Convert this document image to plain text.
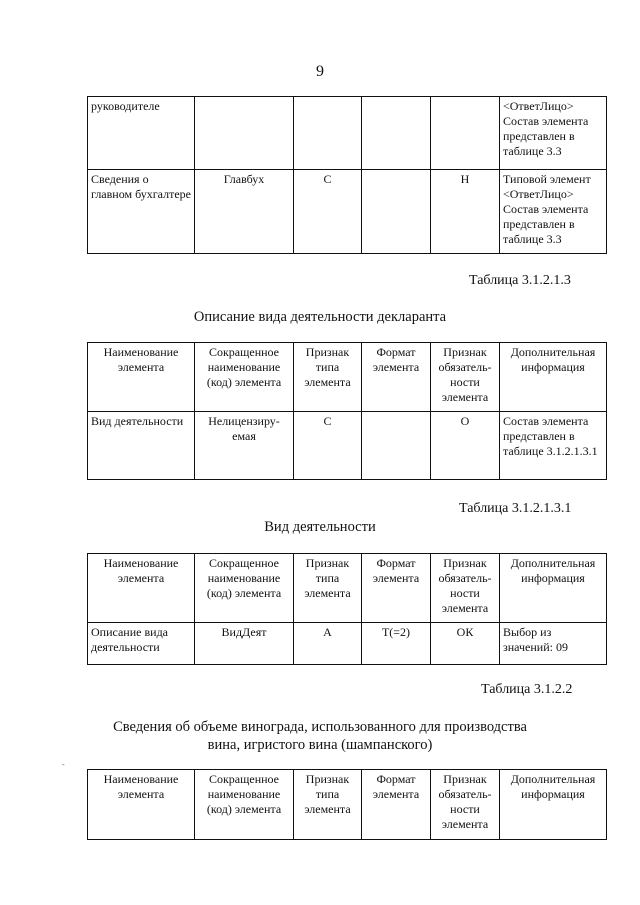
9
руководителе					<ОтветЛицо> Состав элемента представлен в таблице 3.3
Сведения о главном бухгалтере	Главбух	С		Н	Типовой элемент <ОтветЛицо> Состав элемента представлен в таблице 3.3
Таблица 3.1.2.1.3
Описание вида деятельности декларанта
Наименование элемента	Сокращенное наименование (код) элемента	Признак типа элемента	Формат элемента	Признак обязатель- ности элемента	Дополнительная информация
Вид деятельности	Нелицензиру- емая	С		О	Состав элемента представлен в таблице 3.1.2.1.3.1
Таблица 3.1.2.1.3.1
Вид деятельности
Наименование элемента	Сокращенное наименование (код) элемента	Признак типа элемента	Формат элемента	Признак обязатель- ности элемента	Дополнительная информация
Описание вида деятельности	ВидДеят	А	Т(=2)	ОК	Выбор из значений: 09
Таблица 3.1.2.2
Сведения об объеме винограда, использованного для производства
вина, игристого вина (шампанского)
-
Наименование элемента	Сокращенное наименование (код) элемента	Признак типа элемента	Формат элемента	Признак обязатель- ности элемента	Дополнительная информация
